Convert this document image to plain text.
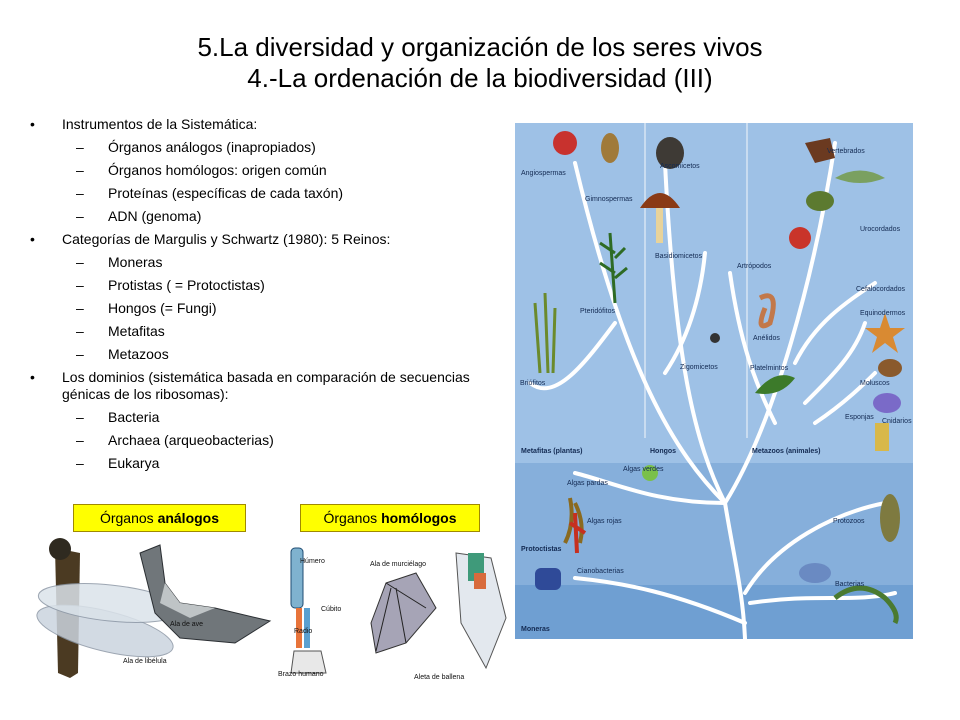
5.La diversidad y organización de los seres vivos
4.-La ordenación de la biodiversidad (III)
• Instrumentos de la Sistemática:
– Órganos análogos (inapropiados)
– Órganos homólogos: origen común
– Proteínas (específicas de cada taxón)
– ADN (genoma)
• Categorías de Margulis y Schwartz (1980): 5 Reinos:
– Moneras
– Protistas ( = Protoctistas)
– Hongos (= Fungi)
– Metafitas
– Metazoos
• Los dominios (sistemática basada en comparación de secuencias génicas de los ribosomas):
– Bacteria
– Archaea (arqueobacterias)
– Eukarya
Órganos análogos	Órganos homólogos
Ala de ave
Ala de libélula
Húmero
Cúbito
Radio
Brazo humano
Ala de murciélago
Aleta de ballena
Angiospermas
Gimnospermas
Ascomicetos
Vertebrados
Pteridófitos
Basidiomicetos
Artrópodos
Urocordados
Cefalocordados
Equinodermos
Anélidos
Zigomicetos	Platelmintos
Moluscos
Briófitos
Cnidarios
Esponjas
Metafitas (plantas)	Hongos	Metazoos (animales)
Algas verdes
Algas pardas
Algas rojas	Protozoos
Protoctistas
Cianobacterias
Bacterias
Moneras
